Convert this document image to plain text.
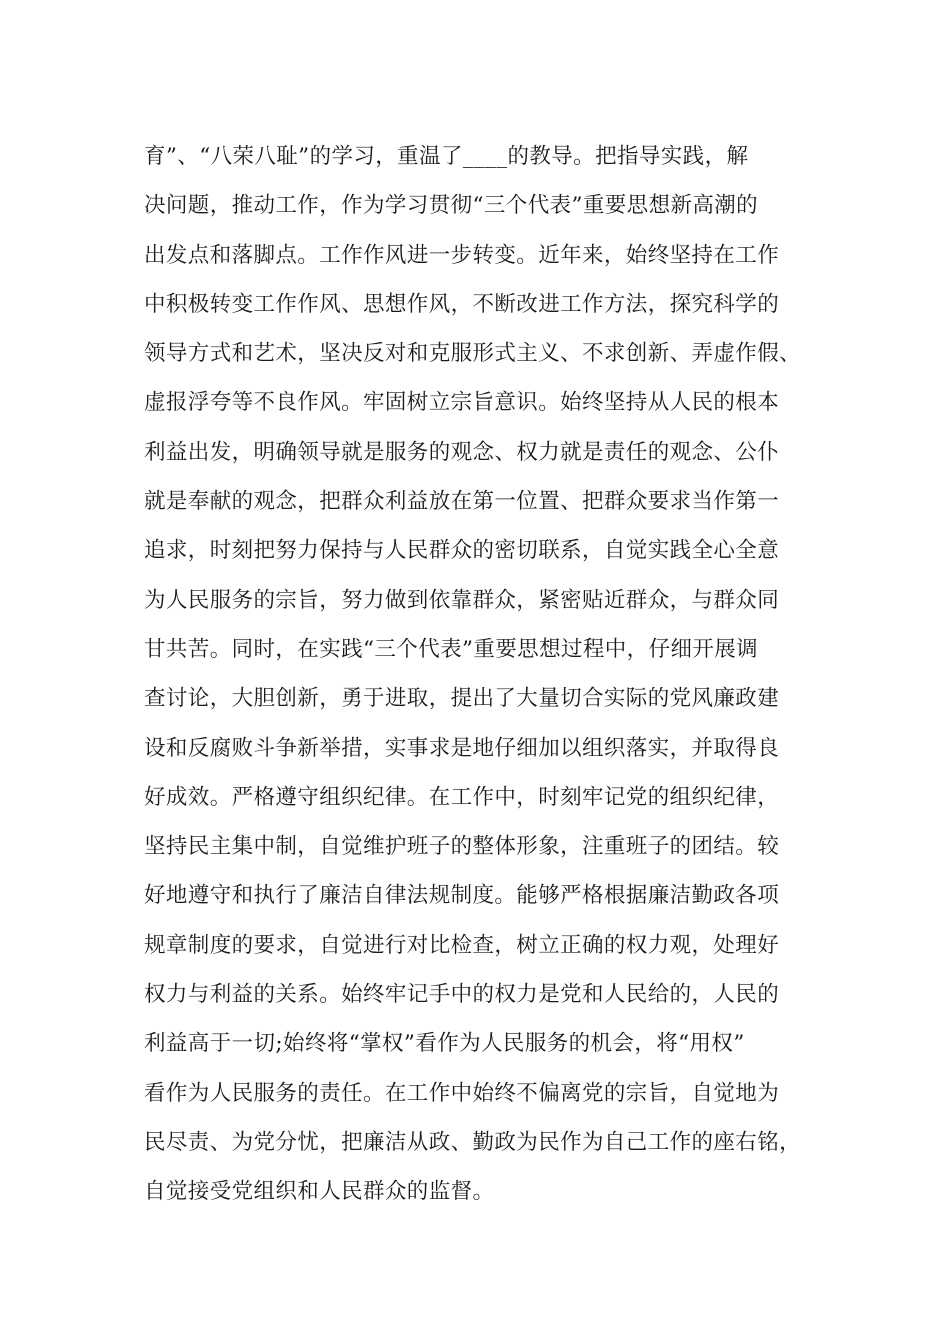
育”、“八荣八耻”的学习，重温了____的教导。把指导实践，解
决问题，推动工作，作为学习贯彻“三个代表”重要思想新高潮的
出发点和落脚点。工作作风进一步转变。近年来，始终坚持在工作
中积极转变工作作风、思想作风，不断改进工作方法，探究科学的
领导方式和艺术，坚决反对和克服形式主义、不求创新、弄虚作假、
虚报浮夸等不良作风。牢固树立宗旨意识。始终坚持从人民的根本
利益出发，明确领导就是服务的观念、权力就是责任的观念、公仆
就是奉献的观念，把群众利益放在第一位置、把群众要求当作第一
追求，时刻把努力保持与人民群众的密切联系，自觉实践全心全意
为人民服务的宗旨，努力做到依靠群众，紧密贴近群众，与群众同
甘共苦。同时，在实践“三个代表”重要思想过程中，仔细开展调
查讨论，大胆创新，勇于进取，提出了大量切合实际的党风廉政建
设和反腐败斗争新举措，实事求是地仔细加以组织落实，并取得良
好成效。严格遵守组织纪律。在工作中，时刻牢记党的组织纪律，
坚持民主集中制，自觉维护班子的整体形象，注重班子的团结。较
好地遵守和执行了廉洁自律法规制度。能够严格根据廉洁勤政各项
规章制度的要求，自觉进行对比检查，树立正确的权力观，处理好
权力与利益的关系。始终牢记手中的权力是党和人民给的，人民的
利益高于一切;始终将“掌权”看作为人民服务的机会，将“用权”
看作为人民服务的责任。在工作中始终不偏离党的宗旨，自觉地为
民尽责、为党分忧，把廉洁从政、勤政为民作为自己工作的座右铭，
自觉接受党组织和人民群众的监督。
